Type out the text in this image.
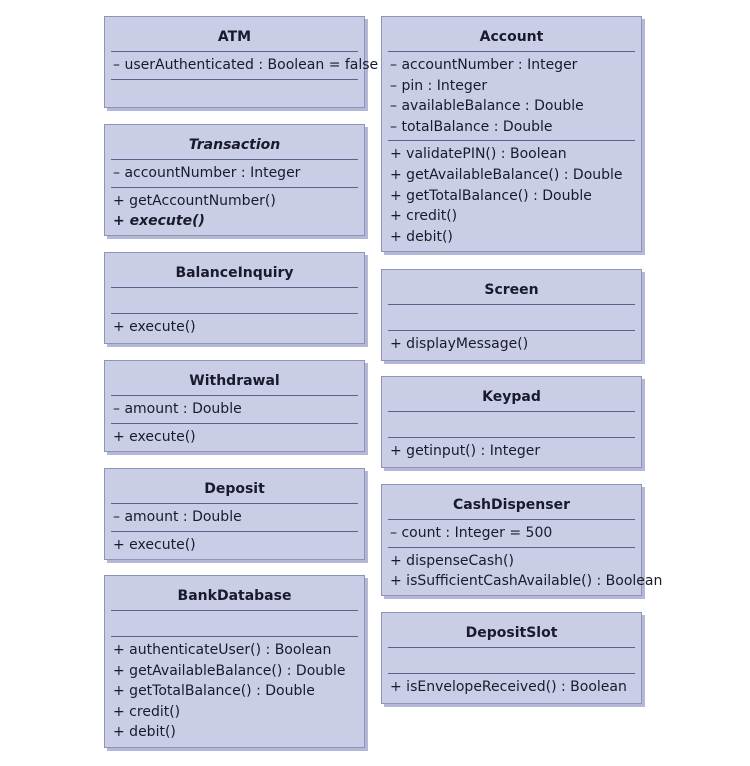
ATM
– userAuthenticated : Boolean = false
Transaction
– accountNumber : Integer
+ getAccountNumber()
+ execute()
BalanceInquiry
+ execute()
Withdrawal
– amount : Double
+ execute()
Deposit
– amount : Double
+ execute()
BankDatabase
+ authenticateUser() : Boolean
+ getAvailableBalance() : Double
+ getTotalBalance() : Double
+ credit()
+ debit()
Account
– accountNumber : Integer
– pin : Integer
– availableBalance : Double
– totalBalance : Double
+ validatePIN() : Boolean
+ getAvailableBalance() : Double
+ getTotalBalance() : Double
+ credit()
+ debit()
Screen
+ displayMessage()
Keypad
+ getinput() : Integer
CashDispenser
– count : Integer = 500
+ dispenseCash()
+ isSufficientCashAvailable() : Boolean
DepositSlot
+ isEnvelopeReceived() : Boolean
